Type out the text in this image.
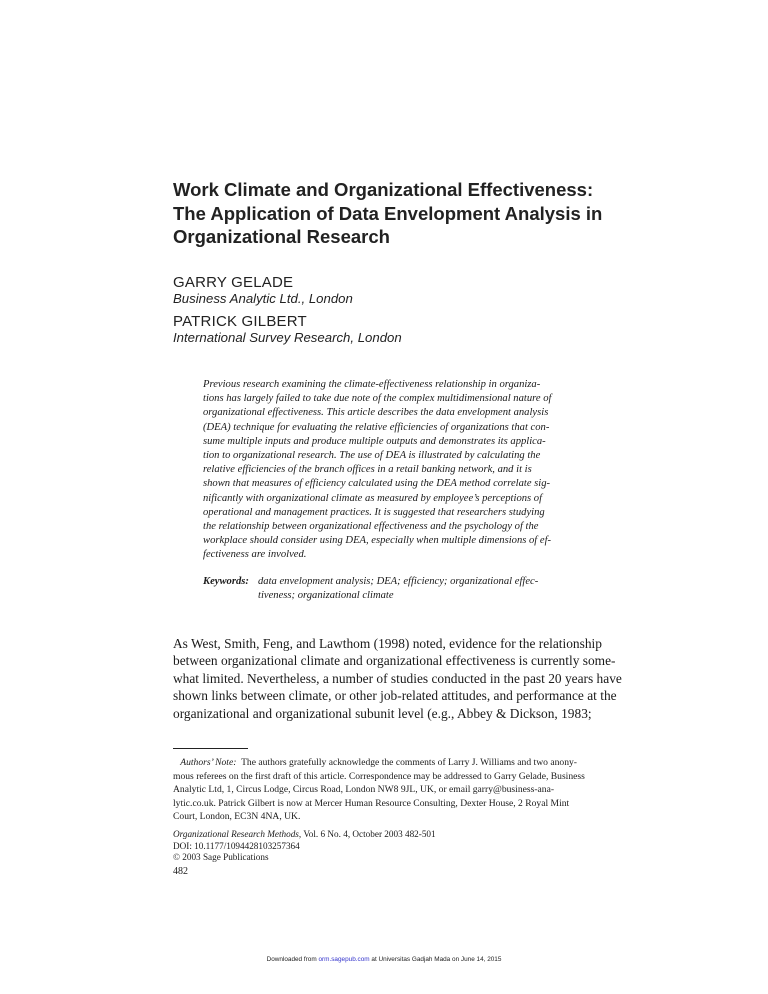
Work Climate and Organizational Effectiveness:
The Application of Data Envelopment Analysis in
Organizational Research
GARRY GELADE
Business Analytic Ltd., London
PATRICK GILBERT
International Survey Research, London
Previous research examining the climate-effectiveness relationship in organiza-
tions has largely failed to take due note of the complex multidimensional nature of
organizational effectiveness. This article describes the data envelopment analysis
(DEA) technique for evaluating the relative efficiencies of organizations that con-
sume multiple inputs and produce multiple outputs and demonstrates its applica-
tion to organizational research. The use of DEA is illustrated by calculating the
relative efficiencies of the branch offices in a retail banking network, and it is
shown that measures of efficiency calculated using the DEA method correlate sig-
nificantly with organizational climate as measured by employee’s perceptions of
operational and management practices. It is suggested that researchers studying
the relationship between organizational effectiveness and the psychology of the
workplace should consider using DEA, especially when multiple dimensions of ef-
fectiveness are involved.
Keywords: data envelopment analysis; DEA; efficiency; organizational effec-
tiveness; organizational climate
As West, Smith, Feng, and Lawthom (1998) noted, evidence for the relationship
between organizational climate and organizational effectiveness is currently some-
what limited. Nevertheless, a number of studies conducted in the past 20 years have
shown links between climate, or other job-related attitudes, and performance at the
organizational and organizational subunit level (e.g., Abbey & Dickson, 1983;
Authors’ Note: The authors gratefully acknowledge the comments of Larry J. Williams and two anony-
mous referees on the first draft of this article. Correspondence may be addressed to Garry Gelade, Business
Analytic Ltd, 1, Circus Lodge, Circus Road, London NW8 9JL, UK, or email garry@business-ana-
lytic.co.uk. Patrick Gilbert is now at Mercer Human Resource Consulting, Dexter House, 2 Royal Mint
Court, London, EC3N 4NA, UK.
Organizational Research Methods, Vol. 6 No. 4, October 2003 482-501
DOI: 10.1177/1094428103257364
© 2003 Sage Publications
482
Downloaded from orm.sagepub.com at Universitas Gadjah Mada on June 14, 2015
